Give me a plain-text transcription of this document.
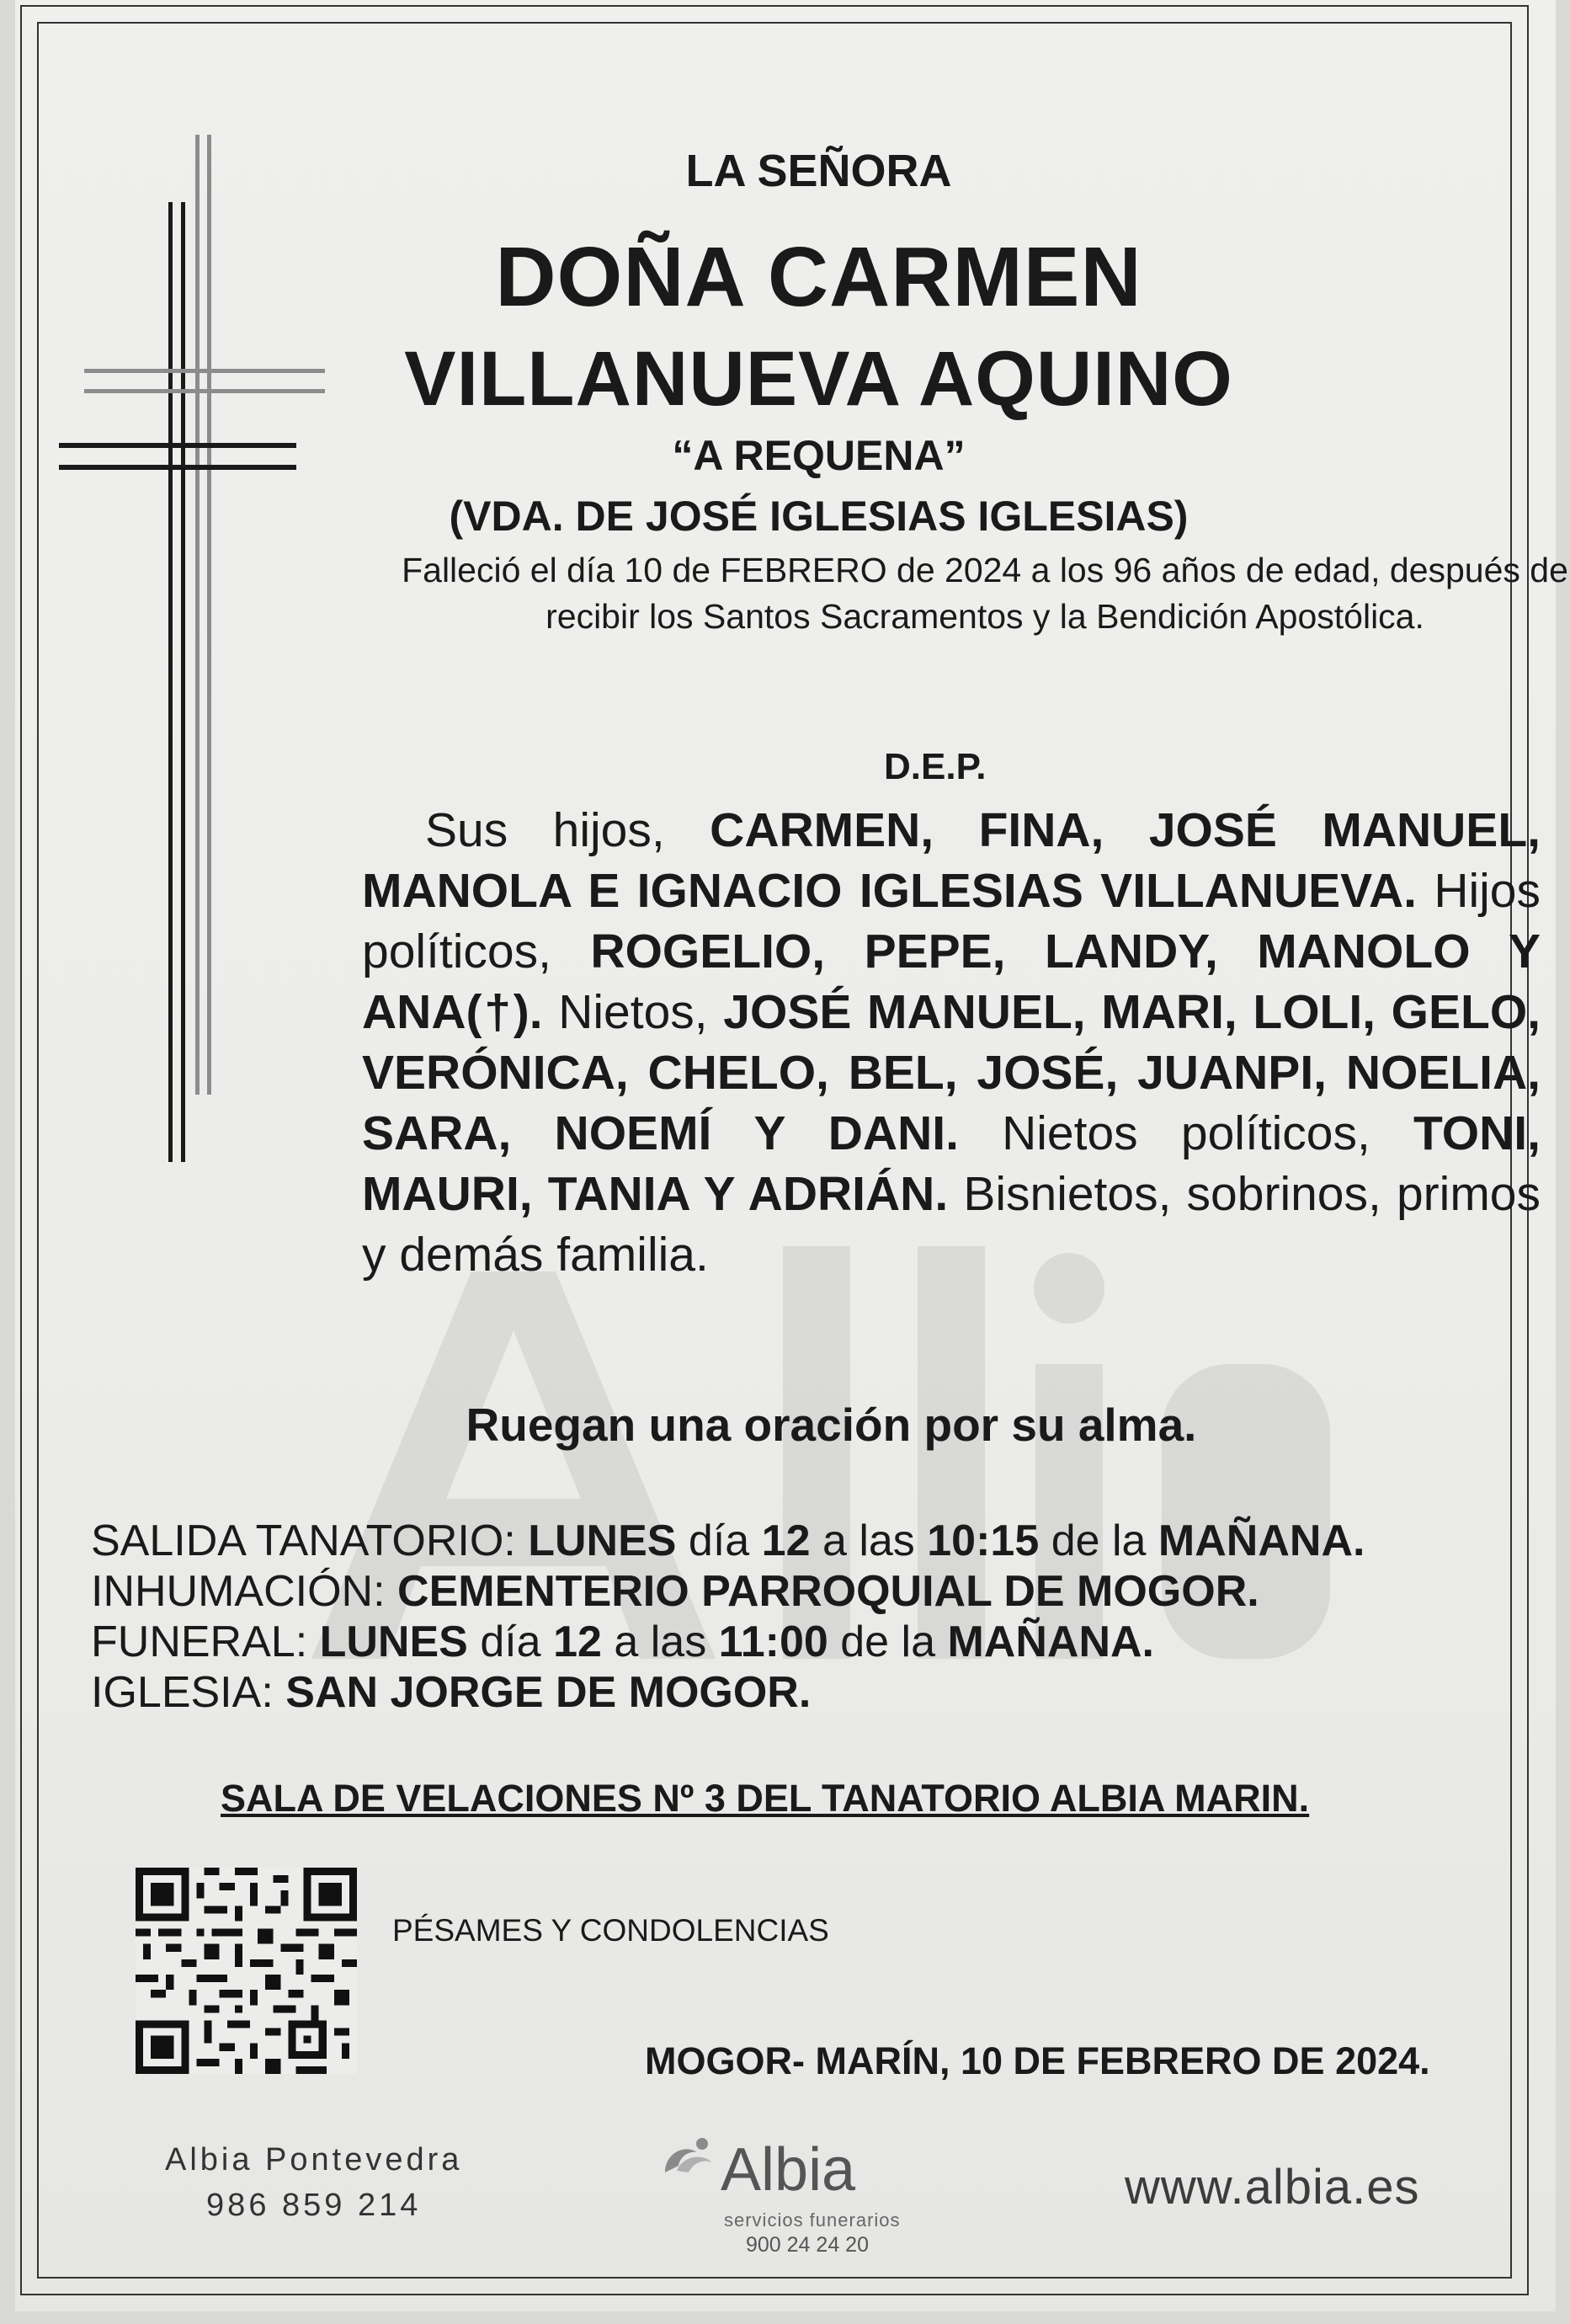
LA SEÑORA
DOÑA CARMEN
VILLANUEVA AQUINO
“A REQUENA”
(VDA. DE JOSÉ IGLESIAS IGLESIAS)
Falleció el día 10 de FEBRERO de 2024 a los 96 años de edad, después de recibir los Santos Sacramentos y la Bendición Apostólica.
D.E.P.

Sus hijos, CARMEN, FINA, JOSÉ MANUEL, MANOLA E IGNACIO IGLESIAS VILLANUEVA. Hijos políticos, ROGELIO, PEPE, LANDY, MANOLO Y ANA(†). Nietos, JOSÉ MANUEL, MARI, LOLI, GELO, VERÓNICA, CHELO, BEL, JOSÉ, JUANPI, NOELIA, SARA, NOEMÍ Y DANI. Nietos políticos, TONI, MAURI, TANIA Y ADRIÁN. Bisnietos, sobrinos, primos y demás familia.

Ruegan una oración por su alma.
SALIDA TANATORIO: LUNES día 12 a las 10:15 de la MAÑANA.
INHUMACIÓN: CEMENTERIO PARROQUIAL DE MOGOR.
FUNERAL: LUNES día 12 a las 11:00 de la MAÑANA.
IGLESIA: SAN JORGE DE MOGOR.
SALA DE VELACIONES Nº 3 DEL TANATORIO ALBIA MARIN.
PÉSAMES Y CONDOLENCIAS
MOGOR- MARÍN, 10 DE FEBRERO DE 2024.
Albia Pontevedra
986 859 214
Albia
servicios funerarios
900 24 24 20
www.albia.es
